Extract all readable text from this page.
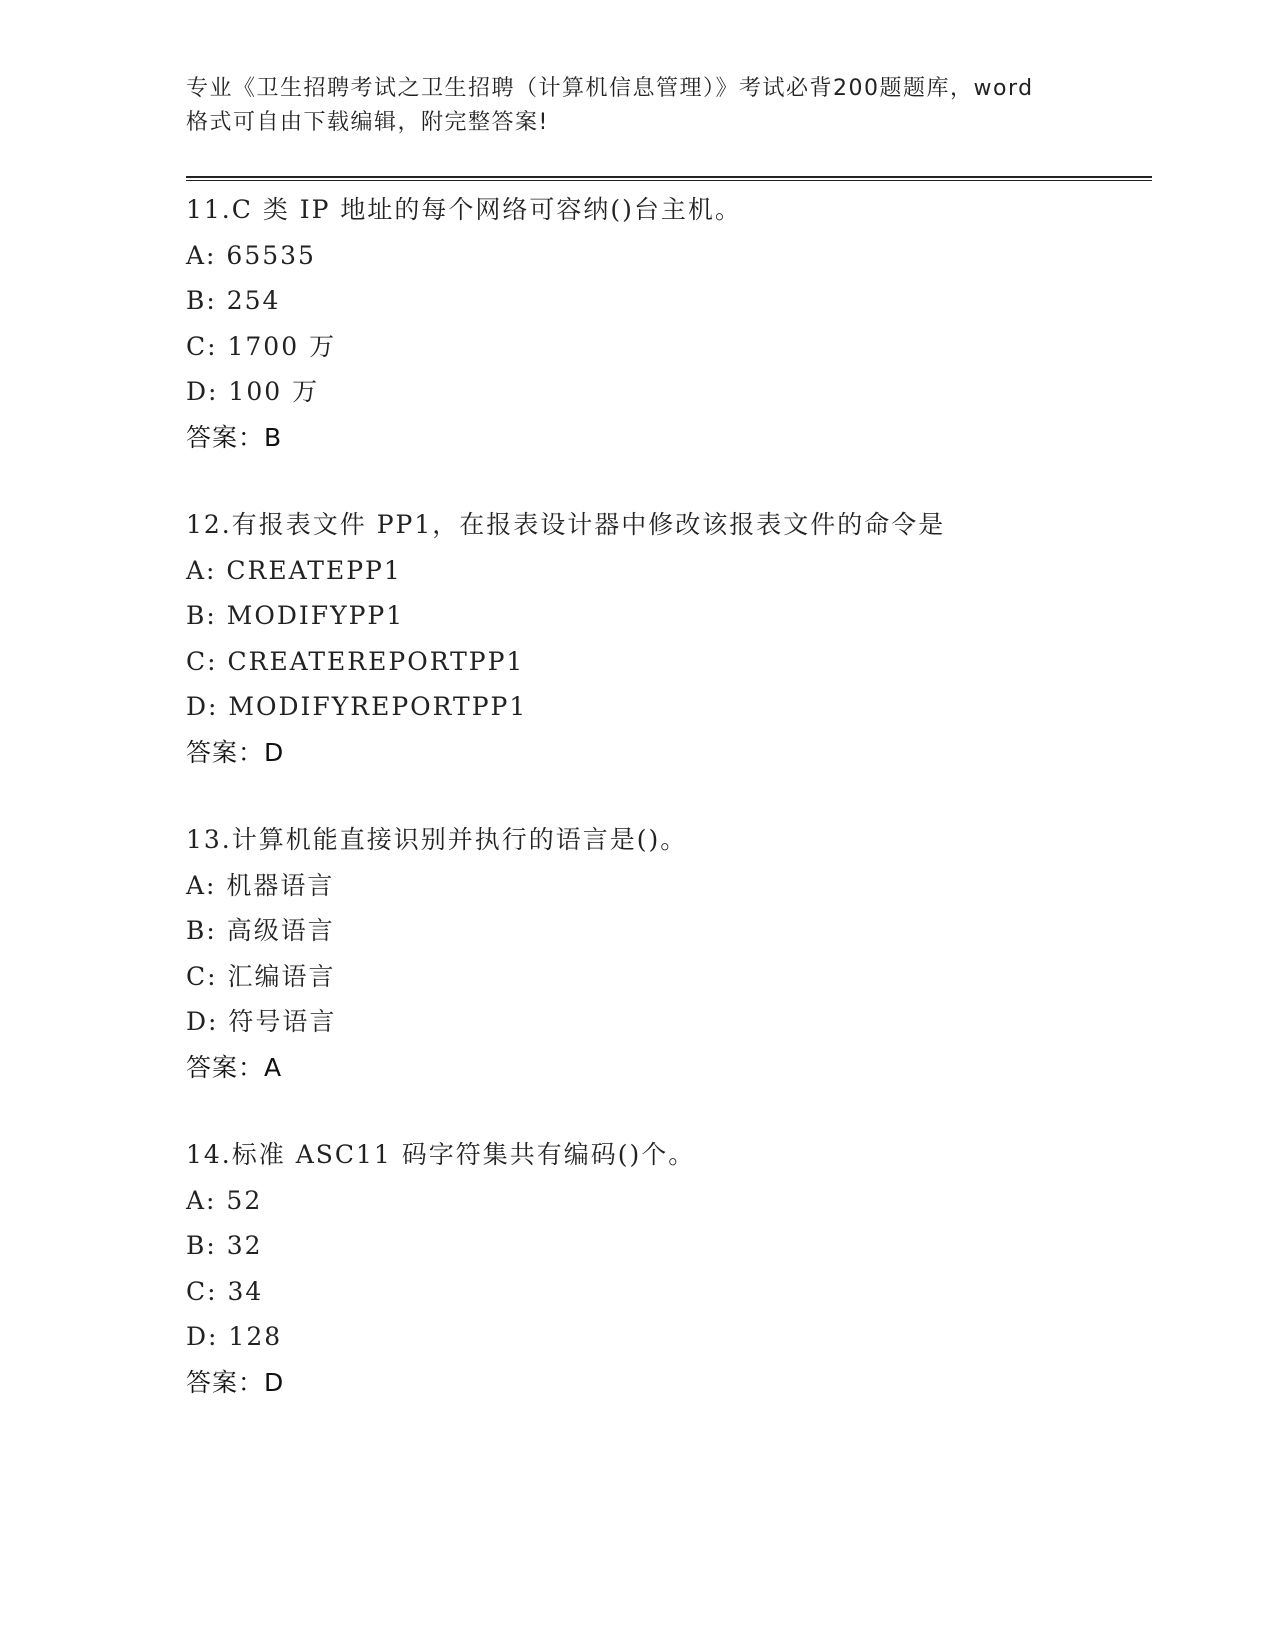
专业《卫生招聘考试之卫生招聘（计算机信息管理）》考试必背200题题库，word
格式可自由下载编辑，附完整答案!
11.C 类 IP 地址的每个网络可容纳()台主机。
A: 65535
B: 254
C: 1700 万
D: 100 万
答案：B
12.有报表文件 PP1，在报表设计器中修改该报表文件的命令是
A: CREATEPP1
B: MODIFYPP1
C: CREATEREPORTPP1
D: MODIFYREPORTPP1
答案：D
13.计算机能直接识别并执行的语言是()。
A: 机器语言
B: 高级语言
C: 汇编语言
D: 符号语言
答案：A
14.标准 ASC11 码字符集共有编码()个。
A: 52
B: 32
C: 34
D: 128
答案：D
